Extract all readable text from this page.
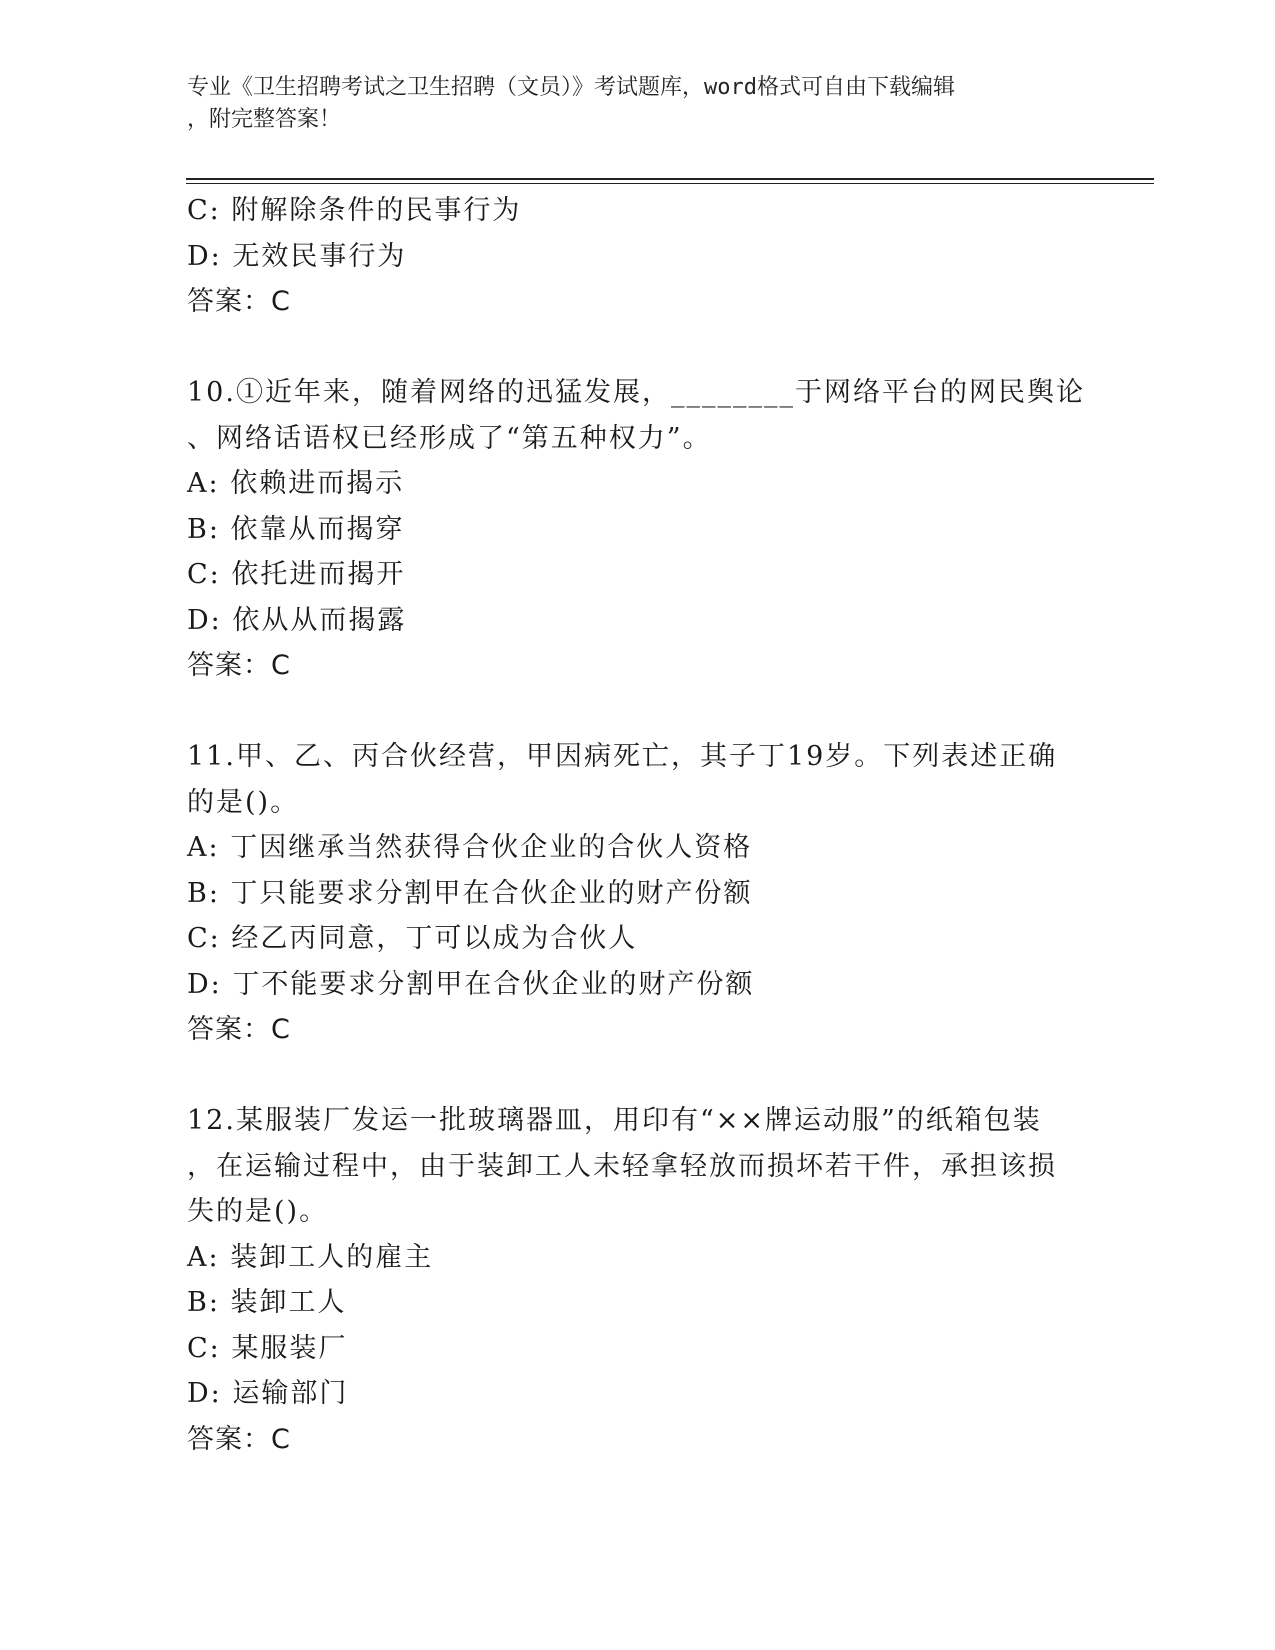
专业《卫生招聘考试之卫生招聘（文员）》考试题库，word格式可自由下载编辑
，附完整答案！
C: 附解除条件的民事行为
D: 无效民事行为
答案：C
10.①近年来，随着网络的迅猛发展，________于网络平台的网民舆论
、网络话语权已经形成了“第五种权力”。
A: 依赖进而揭示
B: 依靠从而揭穿
C: 依托进而揭开
D: 依从从而揭露
答案：C
11.甲、乙、丙合伙经营，甲因病死亡，其子丁19岁。下列表述正确
的是()。
A: 丁因继承当然获得合伙企业的合伙人资格
B: 丁只能要求分割甲在合伙企业的财产份额
C: 经乙丙同意，丁可以成为合伙人
D: 丁不能要求分割甲在合伙企业的财产份额
答案：C
12.某服装厂发运一批玻璃器皿，用印有“××牌运动服”的纸箱包装
，在运输过程中，由于装卸工人未轻拿轻放而损坏若干件，承担该损
失的是()。
A: 装卸工人的雇主
B: 装卸工人
C: 某服装厂
D: 运输部门
答案：C
